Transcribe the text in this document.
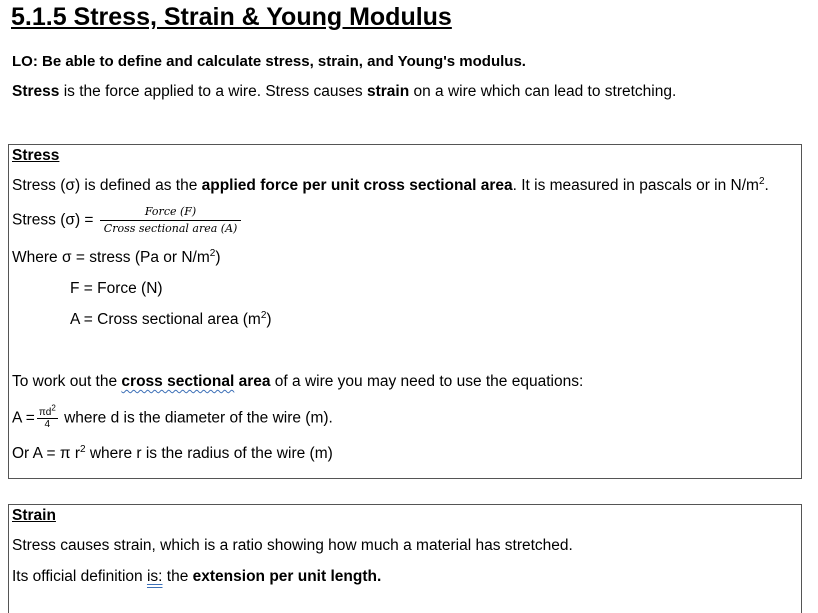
5.1.5 Stress, Strain & Young Modulus
LO: Be able to define and calculate stress, strain, and Young's modulus.
Stress is the force applied to a wire. Stress causes strain on a wire which can lead to stretching.
Stress
Stress (σ) is defined as the applied force per unit cross sectional area. It is measured in pascals or in $N/m^2$.
Stress $(\sigma) = \frac{\text{Force (F)}}{\text{Cross sectional area (A)}}$
Where σ = stress (Pa or $N/m^2$)
F = Force (N)
A = Cross sectional area $(m^2)$
To work out the cross sectional area of a wire you may need to use the equations:
$A = \frac{\pi d^2}{4}$ where d is the diameter of the wire (m).
Or A = π $r^2$ where r is the radius of the wire (m)
Strain
Stress causes strain, which is a ratio showing how much a material has stretched.
Its official definition is: the extension per unit length.
